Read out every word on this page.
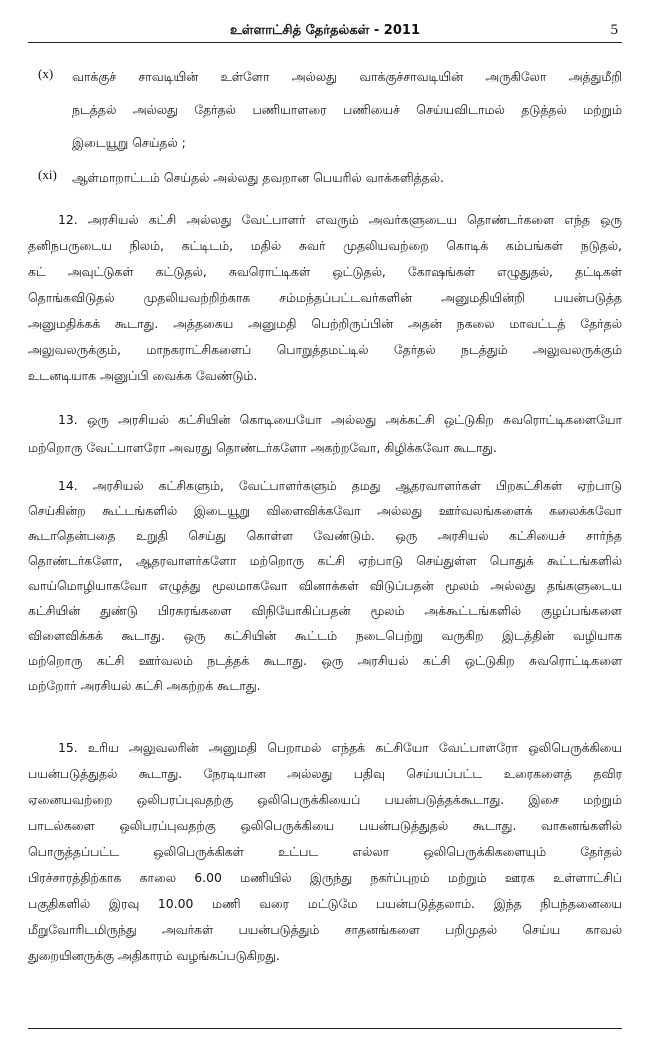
உள்ளாட்சித் தேர்தல்கள் - 2011	5
(x) வாக்குச் சாவடியின் உள்ளோ அல்லது வாக்குச்சாவடியின் அருகிலோ அத்துமீறி
நடத்தல் அல்லது தேர்தல் பணியாளரை பணியைச் செய்யவிடாமல் தடுத்தல் மற்றும்
இடையூறு செய்தல் ;
(xi) ஆள்மாறாட்டம் செய்தல் அல்லது தவறான பெயரில் வாக்களித்தல்.
12. அரசியல் கட்சி அல்லது வேட்பாளர் எவரும் அவர்களுடைய தொண்டர்களை எந்த ஒரு
தனிநபருடைய நிலம், கட்டிடம், மதில் சுவர் முதலியவற்றை கொடிக் கம்பங்கள் நடுதல்,
கட் அவுட்டுகள் கட்டுதல், சுவரொட்டிகள் ஒட்டுதல், கோஷங்கள் எழுதுதல், தட்டிகள்
தொங்கவிடுதல் முதலியவற்றிற்காக சம்மந்தப்பட்டவர்களின் அனுமதியின்றி பயன்படுத்த
அனுமதிக்கக் கூடாது. அத்தகைய அனுமதி பெற்றிருப்பின் அதன் நகலை மாவட்டத் தேர்தல்
அலுவலருக்கும், மாநகராட்சிகளைப் பொறுத்தமட்டில் தேர்தல் நடத்தும் அலுவலருக்கும்
உடனடியாக அனுப்பி வைக்க வேண்டும்.
13. ஒரு அரசியல் கட்சியின் கொடியையோ அல்லது அக்கட்சி ஒட்டுகிற சுவரொட்டிகளையோ
மற்றொரு வேட்பாளரோ அவரது தொண்டர்களோ அகற்றவோ, கிழிக்கவோ கூடாது.
14. அரசியல் கட்சிகளும், வேட்பாளர்களும் தமது ஆதரவாளர்கள் பிறகட்சிகள் ஏற்பாடு
செய்கின்ற கூட்டங்களில் இடையூறு விளைவிக்கவோ அல்லது ஊர்வலங்களைக் கலைக்கவோ
கூடாதென்பதை உறுதி செய்து கொள்ள வேண்டும். ஒரு அரசியல் கட்சியைச் சார்ந்த
தொண்டர்களோ, ஆதரவாளர்களோ மற்றொரு கட்சி ஏற்பாடு செய்துள்ள பொதுக் கூட்டங்களில்
வாய்மொழியாகவோ எழுத்து மூலமாகவோ வினாக்கள் விடுப்பதன் மூலம் அல்லது தங்களுடைய
கட்சியின் துண்டு பிரசுரங்களை விநியோகிப்பதன் மூலம் அக்கூட்டங்களில் குழப்பங்களை
விளைவிக்கக் கூடாது. ஒரு கட்சியின் கூட்டம் நடைபெற்று வருகிற இடத்தின் வழியாக
மற்றொரு கட்சி ஊர்வலம் நடத்தக் கூடாது. ஒரு அரசியல் கட்சி ஒட்டுகிற சுவரொட்டிகளை
மற்றோர் அரசியல் கட்சி அகற்றக் கூடாது.
15. உரிய அலுவலரின் அனுமதி பெறாமல் எந்தக் கட்சியோ வேட்பாளரோ ஒலிபெருக்கியை
பயன்படுத்துதல் கூடாது. நேரடியான அல்லது பதிவு செய்யப்பட்ட உரைகளைத் தவிர
ஏனையவற்றை ஒலிபரப்புவதற்கு ஒலிபெருக்கியைப் பயன்படுத்தக்கூடாது. இசை மற்றும்
பாடல்களை ஒலிபரப்புவதற்கு ஒலிபெருக்கியை பயன்படுத்துதல் கூடாது. வாகனங்களில்
பொருத்தப்பட்ட ஒலிபெருக்கிகள் உட்பட எல்லா ஒலிபெருக்கிகளையும் தேர்தல்
பிரச்சாரத்திற்காக காலை 6.00 மணியில் இருந்து நகர்ப்புறம் மற்றும் ஊரக உள்ளாட்சிப்
பகுதிகளில் இரவு 10.00 மணி வரை மட்டுமே பயன்படுத்தலாம். இந்த நிபந்தனையை
மீறுவோரிடமிருந்து அவர்கள் பயன்படுத்தும் சாதனங்களை பறிமுதல் செய்ய காவல்
துறையினருக்கு அதிகாரம் வழங்கப்படுகிறது.
